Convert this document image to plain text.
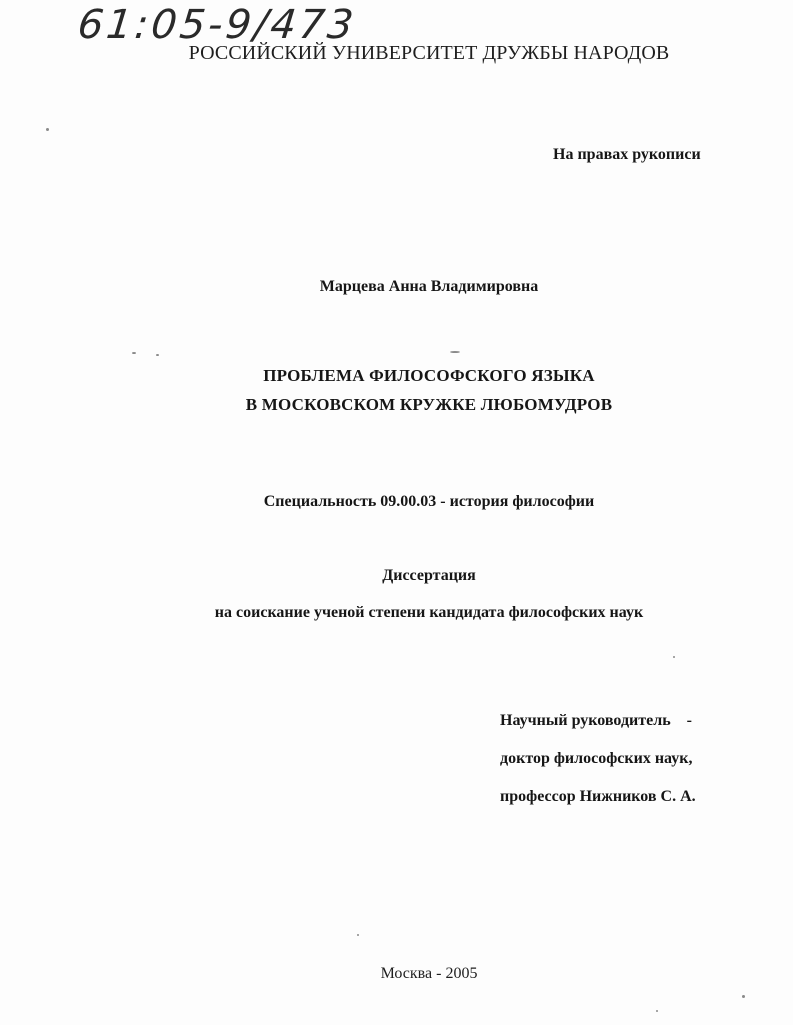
61:05-9/473
РОССИЙСКИЙ УНИВЕРСИТЕТ ДРУЖБЫ НАРОДОВ
На правах рукописи
Марцева Анна Владимировна
ПРОБЛЕМА ФИЛОСОФСКОГО ЯЗЫКА
В МОСКОВСКОМ КРУЖКЕ ЛЮБОМУДРОВ
Специальность 09.00.03 - история философии
Диссертация
на соискание ученой степени кандидата философских наук
Научный руководитель    -
доктор философских наук,
профессор Нижников С. А.
Москва - 2005
